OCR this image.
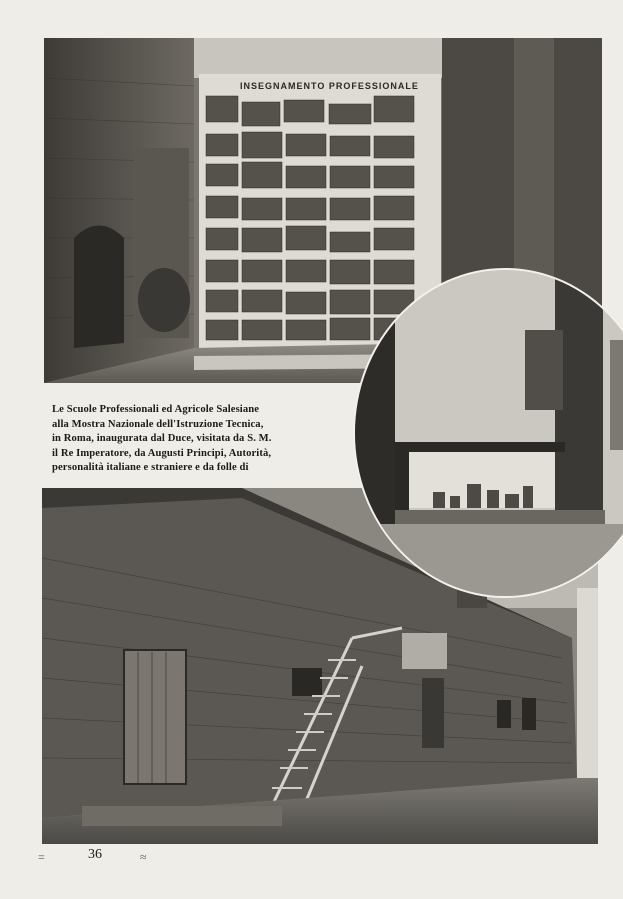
INSEGNAMENTO PROFESSIONALE
Le Scuole Professionali ed Agricole Salesiane
alla Mostra Nazionale dell'Istruzione Tecnica,
in Roma, inaugurata dal Duce, visitata da S. M.
il Re Imperatore, da Augusti Principi, Autorità,
personalità italiane e straniere e da folle di
=	36	≈
